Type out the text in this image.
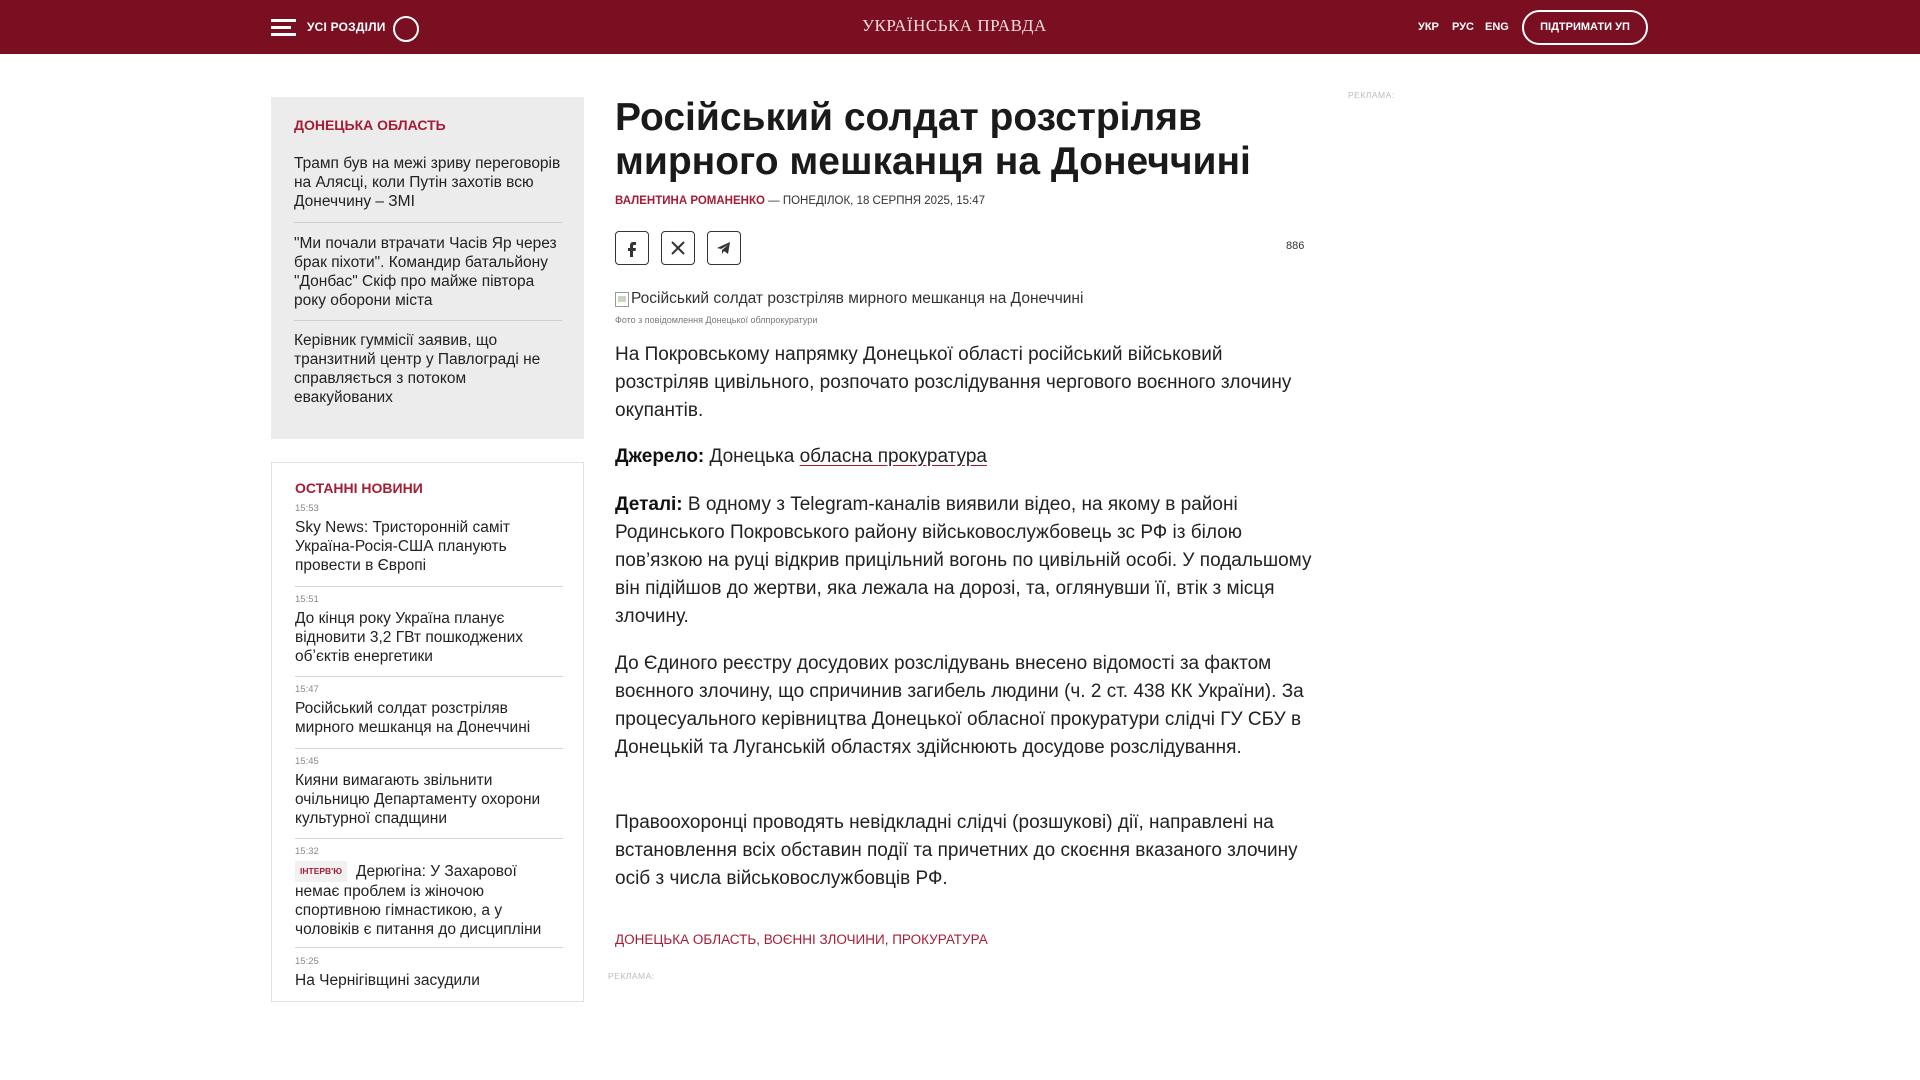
УСІ РОЗДІЛИ	УКРАЇНСЬКА ПРАВДА	УКР РУС ENG	ПІДТРИМАТИ УП
ДОНЕЦЬКА ОБЛАСТЬ
Трамп був на межі зриву переговорів на Алясці, коли Путін захотів всю Донеччину – ЗМІ
"Ми почали втрачати Часів Яр через брак піхоти". Командир батальйону "Донбас" Скіф про майже півтора року оборони міста
Керівник гуммісії заявив, що транзитний центр у Павлограді не справляється з потоком евакуйованих
ОСТАННІ НОВИНИ
15:53
Sky News: Тристоронній саміт Україна-Росія-США планують провести в Європі
15:51
До кінця року Україна планує відновити 3,2 ГВт пошкоджених обʼєктів енергетики
15:47
Російський солдат розстріляв мирного мешканця на Донеччині
15:45
Кияни вимагають звільнити очільницю Департаменту охорони культурної спадщини
15:32
ІНТЕРВ'Ю Дерюгіна: У Захарової немає проблем із жіночою спортивною гімнастикою, а у чоловіків є питання до дисципліни
15:25
На Чернігівщині засудили
Російський солдат розстріляв мирного мешканця на Донеччині
ВАЛЕНТИНА РОМАНЕНКО — ПОНЕДІЛОК, 18 СЕРПНЯ 2025, 15:47
886
Російський солдат розстріляв мирного мешканця на Донеччині
Фото з повідомлення Донецької облпрокуратури

На Покровському напрямку Донецької області російський військовий розстріляв цивільного, розпочато розслідування чергового воєнного злочину окупантів.

Джерело: Донецька обласна прокуратура

Деталі: В одному з Telegram-каналів виявили відео, на якому в районі Родинського Покровського району військовослужбовець зс РФ із білою пов’язкою на руці відкрив прицільний вогонь по цивільній особі. У подальшому він підійшов до жертви, яка лежала на дорозі, та, оглянувши її, втік з місця злочину.

До Єдиного реєстру досудових розслідувань внесено відомості за фактом воєнного злочину, що спричинив загибель людини (ч. 2 ст. 438 КК України). За процесуального керівництва Донецької обласної прокуратури слідчі ГУ СБУ в Донецькій та Луганській областях здійснюють досудове розслідування.

Правоохоронці проводять невідкладні слідчі (розшукові) дії, направлені на встановлення всіх обставин події та причетних до скоєння вказаного злочину осіб з числа військовослужбовців РФ.

ДОНЕЦЬКА ОБЛАСТЬ, ВОЄННІ ЗЛОЧИНИ, ПРОКУРАТУРА
РЕКЛАМА:
РЕКЛАМА:
